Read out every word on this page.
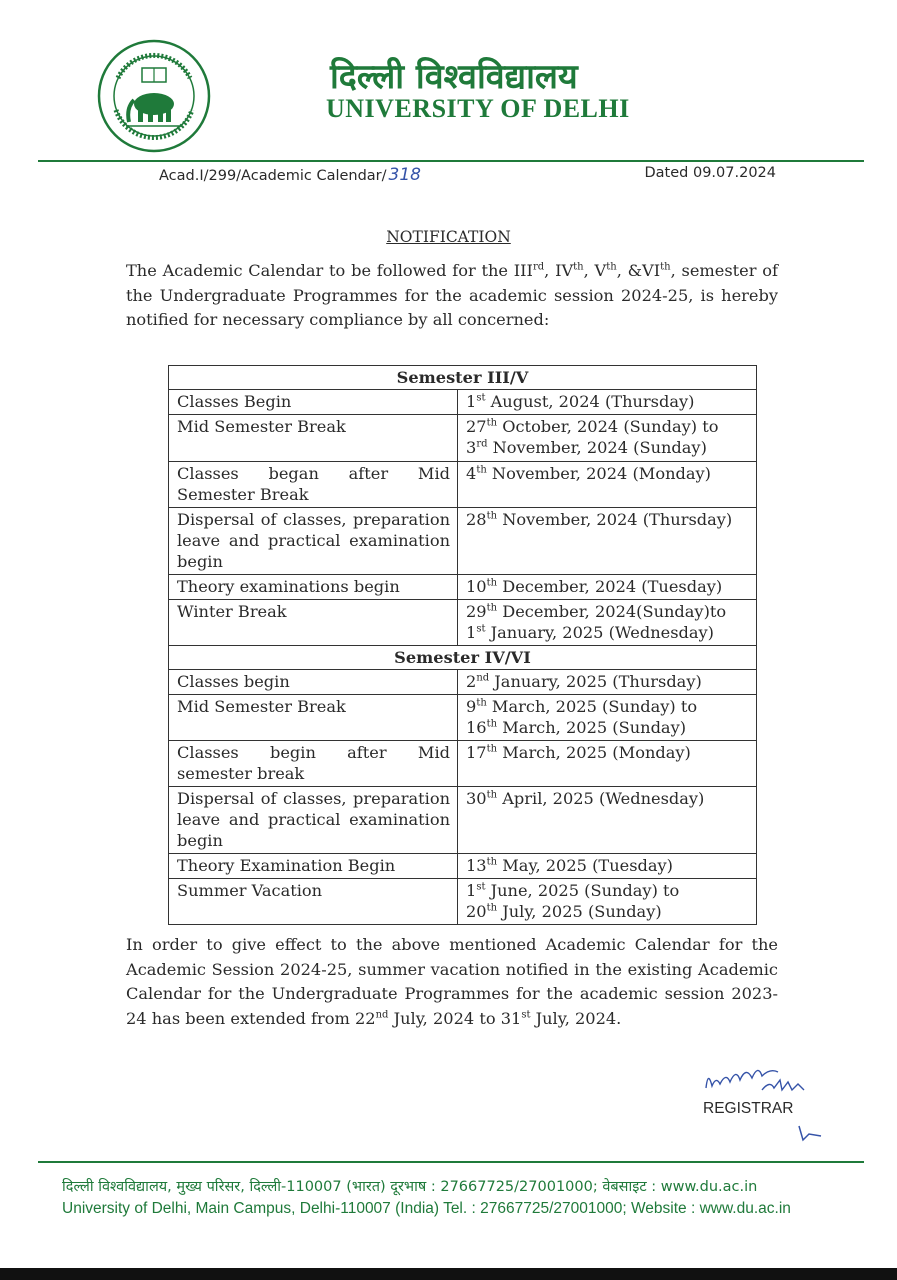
दिल्ली विश्वविद्यालय
UNIVERSITY OF DELHI
Acad.I/299/Academic Calendar/ 318	Dated 09.07.2024
NOTIFICATION
The Academic Calendar to be followed for the IIIrd, IVth, Vth, &VIth, semester of the Undergraduate Programmes for the academic session 2024-25, is hereby notified for necessary compliance by all concerned:
Semester III/V	
Classes Begin	1st August, 2024 (Thursday)
Mid Semester Break	27th October, 2024 (Sunday) to
3rd November, 2024 (Sunday)
Classes began after Mid Semester Break	4th November, 2024 (Monday)
Dispersal of classes, preparation leave and practical examination begin	28th November, 2024 (Thursday)
Theory examinations begin	10th December, 2024 (Tuesday)
Winter Break	29th December, 2024(Sunday)to
1st January, 2025 (Wednesday)
Semester IV/VI	
Classes begin	2nd January, 2025 (Thursday)
Mid Semester Break	9th March, 2025 (Sunday) to
16th March, 2025 (Sunday)
Classes begin after Mid semester break	17th March, 2025 (Monday)
Dispersal of classes, preparation leave and practical examination begin	30th April, 2025 (Wednesday)
Theory Examination Begin	13th May, 2025 (Tuesday)
Summer Vacation	1st June, 2025 (Sunday) to
20th July, 2025 (Sunday)
In order to give effect to the above mentioned Academic Calendar for the Academic Session 2024-25, summer vacation notified in the existing Academic Calendar for the Undergraduate Programmes for the academic session 2023-24 has been extended from 22nd July, 2024 to 31st July, 2024.
REGISTRAR
दिल्ली विश्वविद्यालय, मुख्य परिसर, दिल्ली-110007 (भारत) दूरभाष : 27667725/27001000; वेबसाइट : www.du.ac.in
University of Delhi, Main Campus, Delhi-110007 (India) Tel. : 27667725/27001000; Website : www.du.ac.in
